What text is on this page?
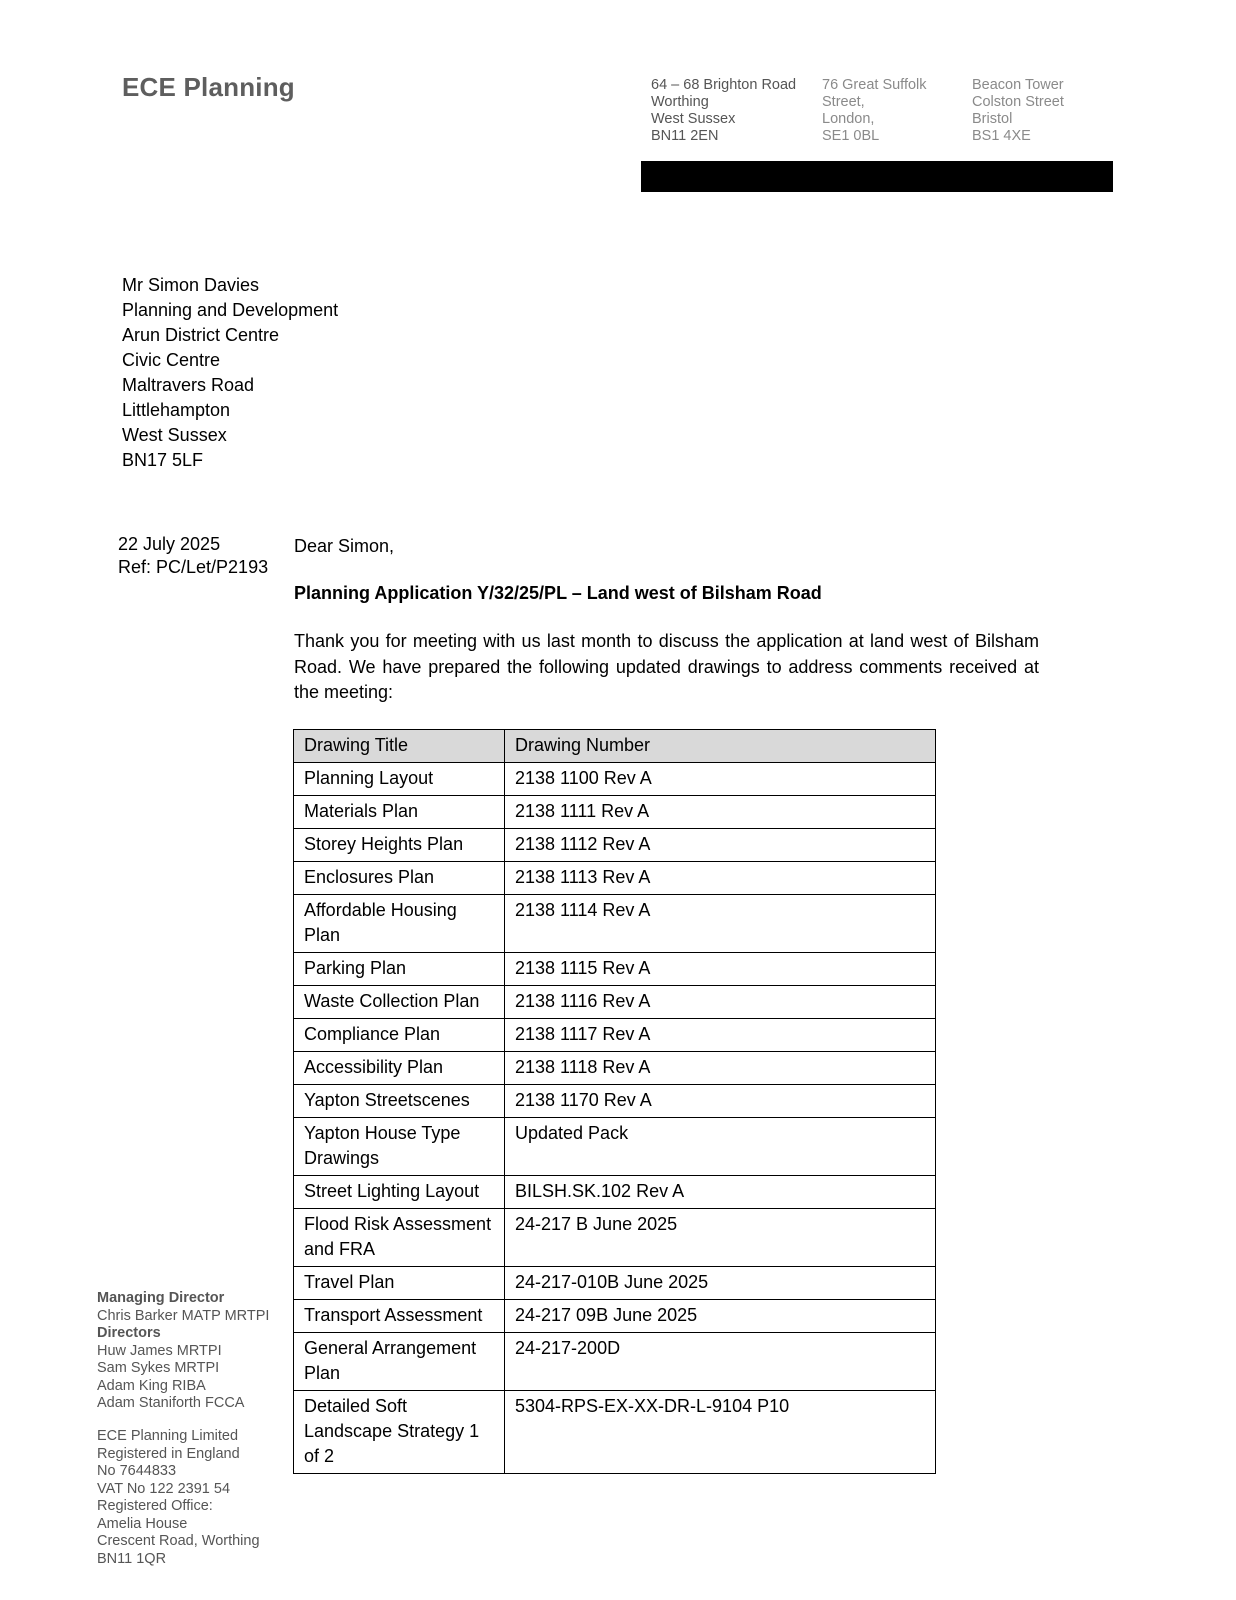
ECE Planning	64 – 68 Brighton Road
Worthing
West Sussex
BN11 2EN
76 Great Suffolk
Street,
London,
SE1 0BL
Beacon Tower
Colston Street
Bristol
BS1 4XE
Mr Simon Davies
Planning and Development
Arun District Centre
Civic Centre
Maltravers Road
Littlehampton
West Sussex
BN17 5LF
22 July 2025
Ref: PC/Let/P2193
Dear Simon,
Planning Application Y/32/25/PL – Land west of Bilsham Road
Thank you for meeting with us last month to discuss the application at land west of Bilsham Road. We have prepared the following updated drawings to address comments received at the meeting:
Drawing Title	Drawing Number
Planning Layout	2138 1100 Rev A
Materials Plan	2138 1111 Rev A
Storey Heights Plan	2138 1112 Rev A
Enclosures Plan	2138 1113 Rev A
Affordable Housing Plan	2138 1114 Rev A
Parking Plan	2138 1115 Rev A
Waste Collection Plan	2138 1116 Rev A
Compliance Plan	2138 1117 Rev A
Accessibility Plan	2138 1118 Rev A
Yapton Streetscenes	2138 1170 Rev A
Yapton House Type Drawings	Updated Pack
Street Lighting Layout	BILSH.SK.102 Rev A
Flood Risk Assessment and FRA	24-217 B June 2025
Travel Plan	24-217-010B June 2025
Transport Assessment	24-217 09B June 2025
General Arrangement Plan	24-217-200D
Detailed Soft Landscape Strategy 1 of 2	5304-RPS-EX-XX-DR-L-9104 P10
Managing Director
Chris Barker MATP MRTPI
Directors
Huw James MRTPI
Sam Sykes MRTPI
Adam King RIBA
Adam Staniforth FCCA
ECE Planning Limited
Registered in England
No 7644833
VAT No 122 2391 54
Registered Office:
Amelia House
Crescent Road, Worthing
BN11 1QR
